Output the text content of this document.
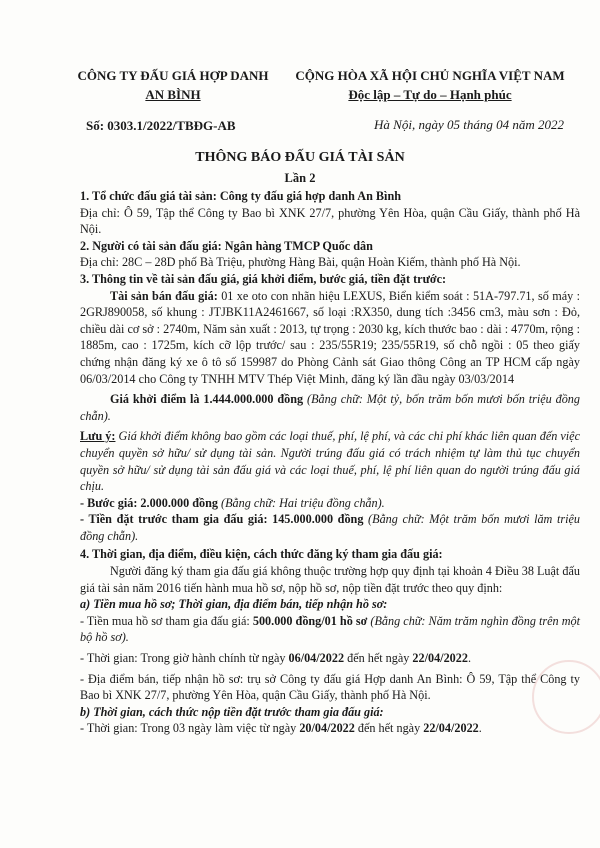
CÔNG TY ĐẤU GIÁ HỢP DANH
AN BÌNH
CỘNG HÒA XÃ HỘI CHỦ NGHĨA VIỆT NAM
Độc lập – Tự do – Hạnh phúc
Số: 0303.1/2022/TBĐG-AB	Hà Nội, ngày 05 tháng 04 năm 2022
THÔNG BÁO ĐẤU GIÁ TÀI SẢN
Lần 2

1. Tổ chức đấu giá tài sản: Công ty đấu giá hợp danh An Bình

Địa chỉ: Ô 59, Tập thể Công ty Bao bì XNK 27/7, phường Yên Hòa, quận Cầu Giấy, thành phố Hà Nội.

2. Người có tài sản đấu giá: Ngân hàng TMCP Quốc dân

Địa chỉ: 28C – 28D phố Bà Triệu, phường Hàng Bài, quận Hoàn Kiếm, thành phố Hà Nội.

3. Thông tin về tài sản đấu giá, giá khởi điểm, bước giá, tiền đặt trước:

Tài sản bán đấu giá: 01 xe oto con nhãn hiệu LEXUS, Biển kiểm soát : 51A-797.71, số máy : 2GRJ890058, số khung : JTJBK11A2461667, số loại :RX350, dung tích :3456 cm3, màu sơn : Đỏ, chiều dài cơ sở : 2740m, Năm sản xuất : 2013, tự trọng : 2030 kg, kích thước bao : dài : 4770m, rộng : 1885m, cao : 1725m, kích cỡ lộp trước/ sau : 235/55R19; 235/55R19, số chỗ ngồi : 05 theo giấy chứng nhận đăng ký xe ô tô số 159987 do Phòng Cảnh sát Giao thông Công an TP HCM cấp ngày 06/03/2014 cho Công ty TNHH MTV Thép Việt Minh, đăng ký lần đầu ngày 03/03/2014

Giá khởi điểm là 1.444.000.000 đồng (Bằng chữ: Một tỷ, bốn trăm bốn mươi bốn triệu đồng chẵn).

Lưu ý: Giá khởi điểm không bao gồm các loại thuế, phí, lệ phí, và các chi phí khác liên quan đến việc chuyển quyền sở hữu/ sử dụng tài sản. Người trúng đấu giá có trách nhiệm tự làm thủ tục chuyển quyền sở hữu/ sử dụng tài sản đấu giá và các loại thuế, phí, lệ phí liên quan do người trúng đấu giá chịu.

- Bước giá: 2.000.000 đồng (Bằng chữ: Hai triệu đồng chẵn).

- Tiền đặt trước tham gia đấu giá: 145.000.000 đồng (Bằng chữ: Một trăm bốn mươi lăm triệu đồng chẵn).

4. Thời gian, địa điểm, điều kiện, cách thức đăng ký tham gia đấu giá:

Người đăng ký tham gia đấu giá không thuộc trường hợp quy định tại khoản 4 Điều 38 Luật đấu giá tài sản năm 2016 tiến hành mua hồ sơ, nộp hồ sơ, nộp tiền đặt trước theo quy định:

a) Tiền mua hồ sơ; Thời gian, địa điểm bán, tiếp nhận hồ sơ:

- Tiền mua hồ sơ tham gia đấu giá: 500.000 đồng/01 hồ sơ (Bằng chữ: Năm trăm nghìn đồng trên một bộ hồ sơ).

- Thời gian: Trong giờ hành chính từ ngày 06/04/2022 đến hết ngày 22/04/2022.

- Địa điểm bán, tiếp nhận hồ sơ: trụ sở Công ty đấu giá Hợp danh An Bình: Ô 59, Tập thể Công ty Bao bì XNK 27/7, phường Yên Hòa, quận Cầu Giấy, thành phố Hà Nội.

b) Thời gian, cách thức nộp tiền đặt trước tham gia đấu giá:

- Thời gian: Trong 03 ngày làm việc từ ngày 20/04/2022 đến hết ngày 22/04/2022.
